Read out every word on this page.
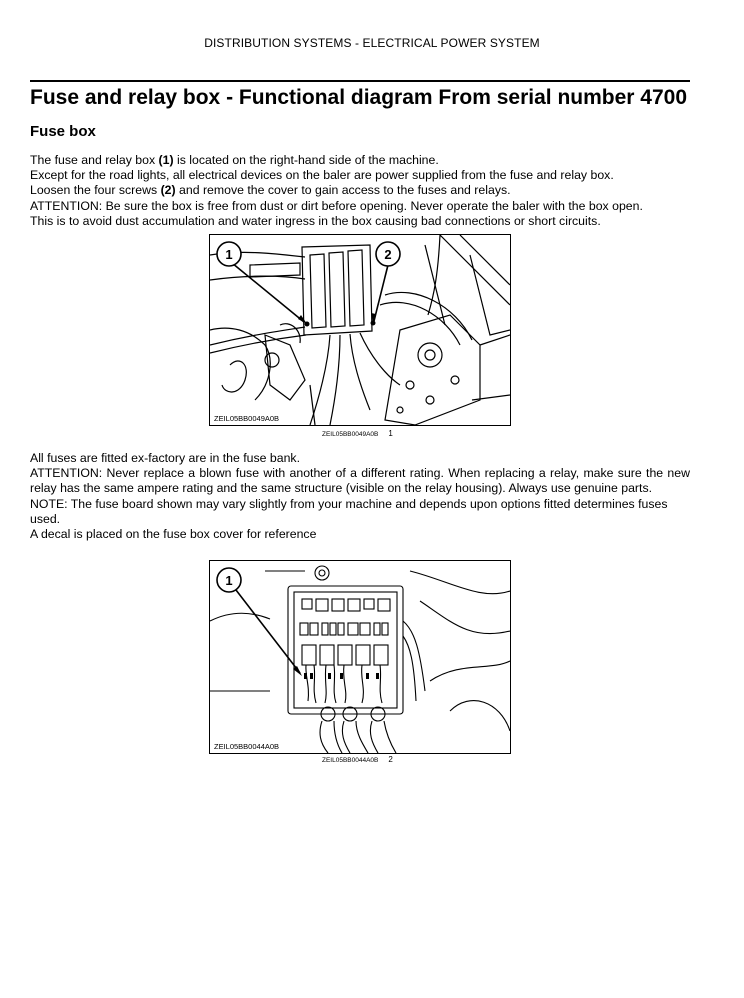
DISTRIBUTION SYSTEMS - ELECTRICAL POWER SYSTEM
Fuse and relay box - Functional diagram From serial number 4700
Fuse box

The fuse and relay box (1) is located on the right-hand side of the machine.

Except for the road lights, all electrical devices on the baler are power supplied from the fuse and relay box.

Loosen the four screws (2) and remove the cover to gain access to the fuses and relays.

ATTENTION: Be sure the box is free from dust or dirt before opening. Never operate the baler with the box open.

This is to avoid dust accumulation and water ingress in the box causing bad connections or short circuits.

1	2
ZEIL05BB0049A0B
ZEIL05BB0049A0B 1

All fuses are fitted ex-factory are in the fuse bank.

ATTENTION: Never replace a blown fuse with another of a different rating. When replacing a relay, make sure the new relay has the same ampere rating and the same structure (visible on the relay housing). Always use genuine parts.

NOTE: The fuse board shown may vary slightly from your machine and depends upon options fitted determines fuses used.

A decal is placed on the fuse box cover for reference

1
ZEIL05BB0044A0B
ZEIL05BB0044A0B 2
